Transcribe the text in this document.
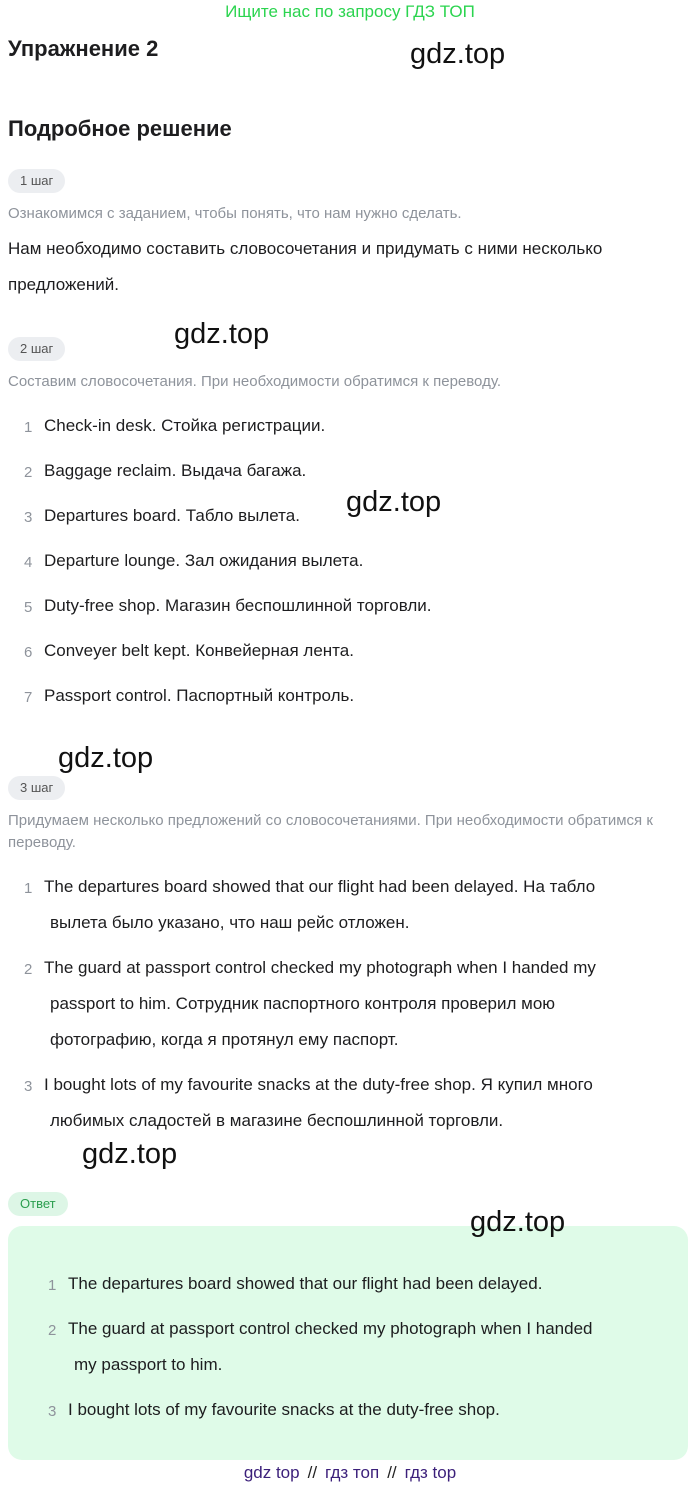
Ищите нас по запросу ГДЗ ТОП
Упражнение 2	gdz.top
Подробное решение
1 шаг
Ознакомимся с заданием, чтобы понять, что нам нужно сделать.
Нам необходимо составить словосочетания и придумать с ними несколько предложений.
gdz.top
2 шаг
Составим словосочетания. При необходимости обратимся к переводу.
1 Check-in desk. Стойка регистрации.
2 Baggage reclaim. Выдача багажа.
3 Departures board. Табло вылета.
4 Departure lounge. Зал ожидания вылета.
5 Duty-free shop. Магазин беспошлинной торговли.
6 Conveyer belt kept. Конвейерная лента.
7 Passport control. Паспортный контроль.
gdz.top
gdz.top
3 шаг
Придумаем несколько предложений со словосочетаниями. При необходимости обратимся к переводу.
1 The departures board showed that our flight had been delayed. На табло
вылета было указано, что наш рейс отложен.
2 The guard at passport control checked my photograph when I handed my
passport to him. Сотрудник паспортного контроля проверил мою
фотографию, когда я протянул ему паспорт.
3 I bought lots of my favourite snacks at the duty-free shop. Я купил много
любимых сладостей в магазине беспошлинной торговли.
gdz.top
Ответ
gdz.top
1 The departures board showed that our flight had been delayed.
2 The guard at passport control checked my photograph when I handed
my passport to him.
3 I bought lots of my favourite snacks at the duty-free shop.
gdz top // гдз топ // гдз top
